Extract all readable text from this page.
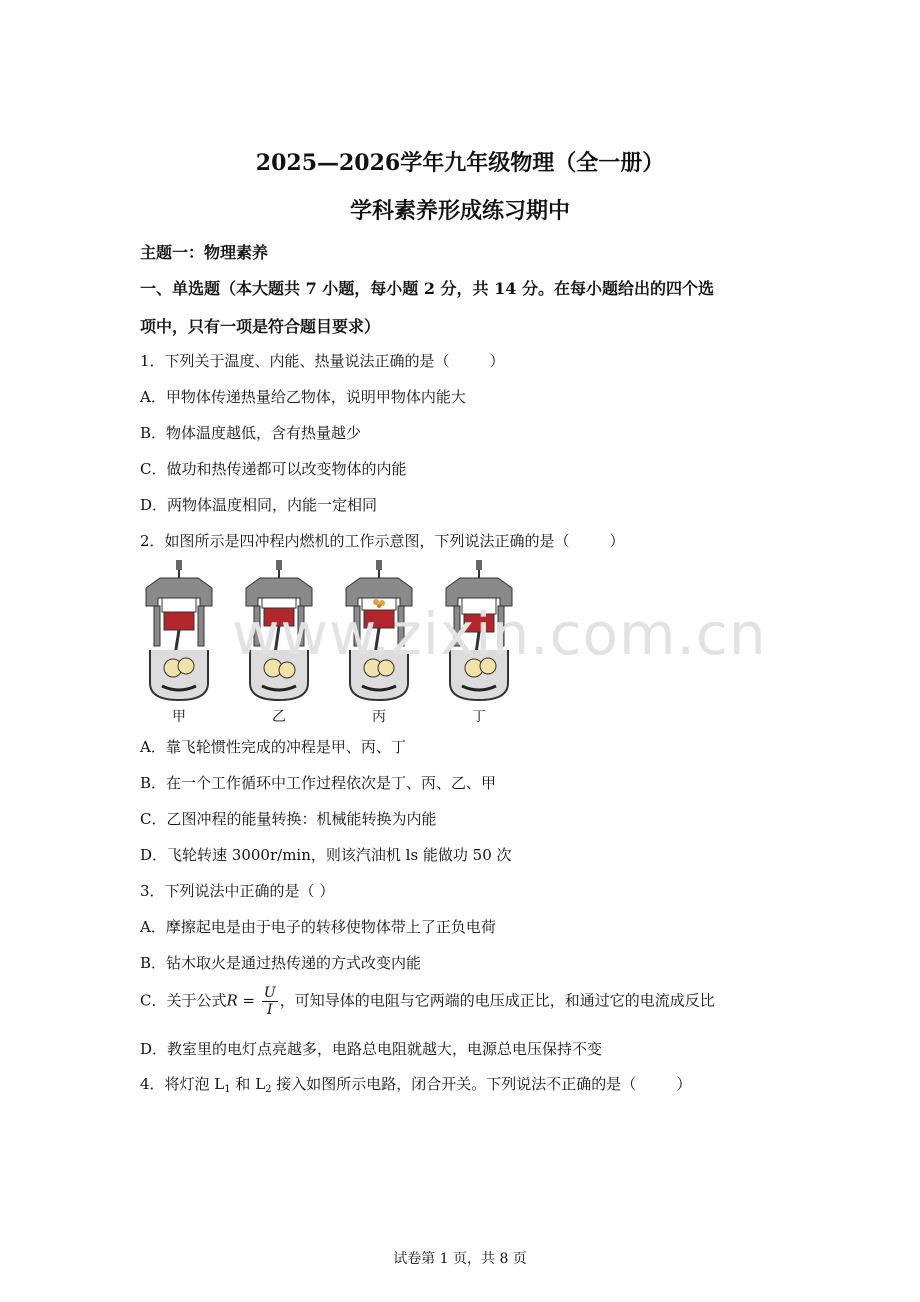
2025—2026学年九年级物理（全一册）
学科素养形成练习期中
主题一：物理素养
一、单选题（本大题共 7 小题，每小题 2 分，共 14 分。在每小题给出的四个选
项中，只有一项是符合题目要求）
1．下列关于温度、内能、热量说法正确的是（	）
A．甲物体传递热量给乙物体，说明甲物体内能大
B．物体温度越低，含有热量越少
C．做功和热传递都可以改变物体的内能
D．两物体温度相同，内能一定相同
2．如图所示是四冲程内燃机的工作示意图，下列说法正确的是（	）
甲	乙	丙	丁
www.zixin.com.cn
A．靠飞轮惯性完成的冲程是甲、丙、丁
B．在一个工作循环中工作过程依次是丁、丙、乙、甲
C．乙图冲程的能量转换：机械能转换为内能
D．飞轮转速 3000r/min，则该汽油机 ls 能做功 50 次
3．下列说法中正确的是（ ）
A．摩擦起电是由于电子的转移使物体带上了正负电荷
B．钻木取火是通过热传递的方式改变内能
C．关于公式$R = \frac{U}{I}$ ，可知导体的电阻与它两端的电压成正比，和通过它的电流成反比
D．教室里的电灯点亮越多，电路总电阻就越大，电源总电压保持不变
4．将灯泡 $L_1$ 和 $L_2$ 接入如图所示电路，闭合开关。下列说法不正确的是（	）
试卷第 1 页，共 8 页
